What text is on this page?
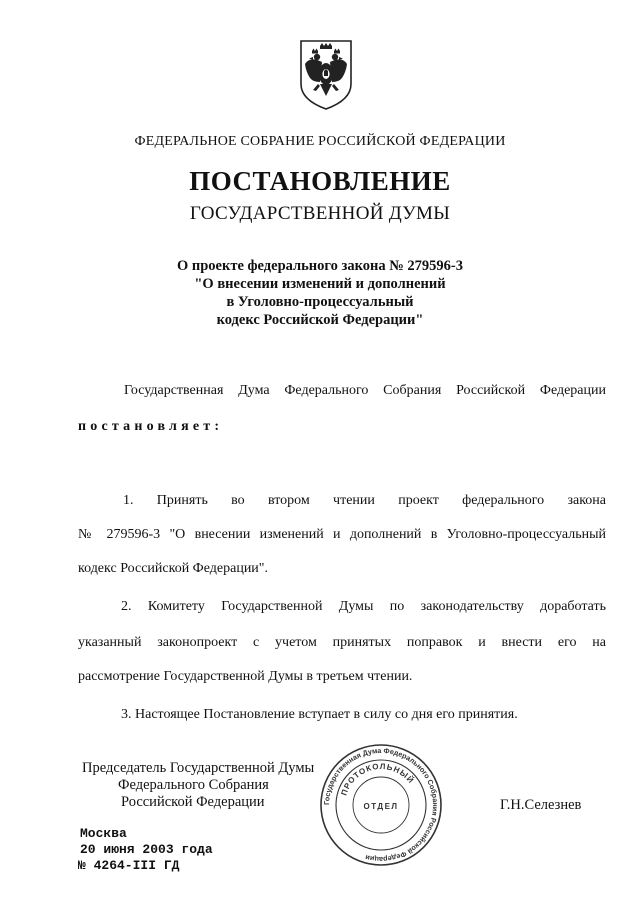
ФЕДЕРАЛЬНОЕ СОБРАНИЕ РОССИЙСКОЙ ФЕДЕРАЦИИ
ПОСТАНОВЛЕНИЕ
ГОСУДАРСТВЕННОЙ ДУМЫ
О проекте федерального закона № 279596-3
"О внесении изменений и дополнений
в Уголовно-процессуальный
кодекс Российской Федерации"
Государственная Дума Федерального Собрания Российской Федерации
постановляет:
1. Принять во втором чтении проект федерального закона
№ 279596-3 "О внесении изменений и дополнений в Уголовно-процессуальный
кодекс Российской Федерации".
2. Комитету Государственной Думы по законодательству доработать
указанный законопроект с учетом принятых поправок и внести его на
рассмотрение Государственной Думы в третьем чтении.
3. Настоящее Постановление вступает в силу со дня его принятия.
Председатель Государственной Думы
Федерального Собрания
Российской Федерации	Г.Н.Селезнев
Москва
20 июня 2003 года
№ 4264-III ГД
Государственная Дума Федерального Собрания Российской Федерации
ПРОТОКОЛЬНЫЙ
ОТДЕЛ
